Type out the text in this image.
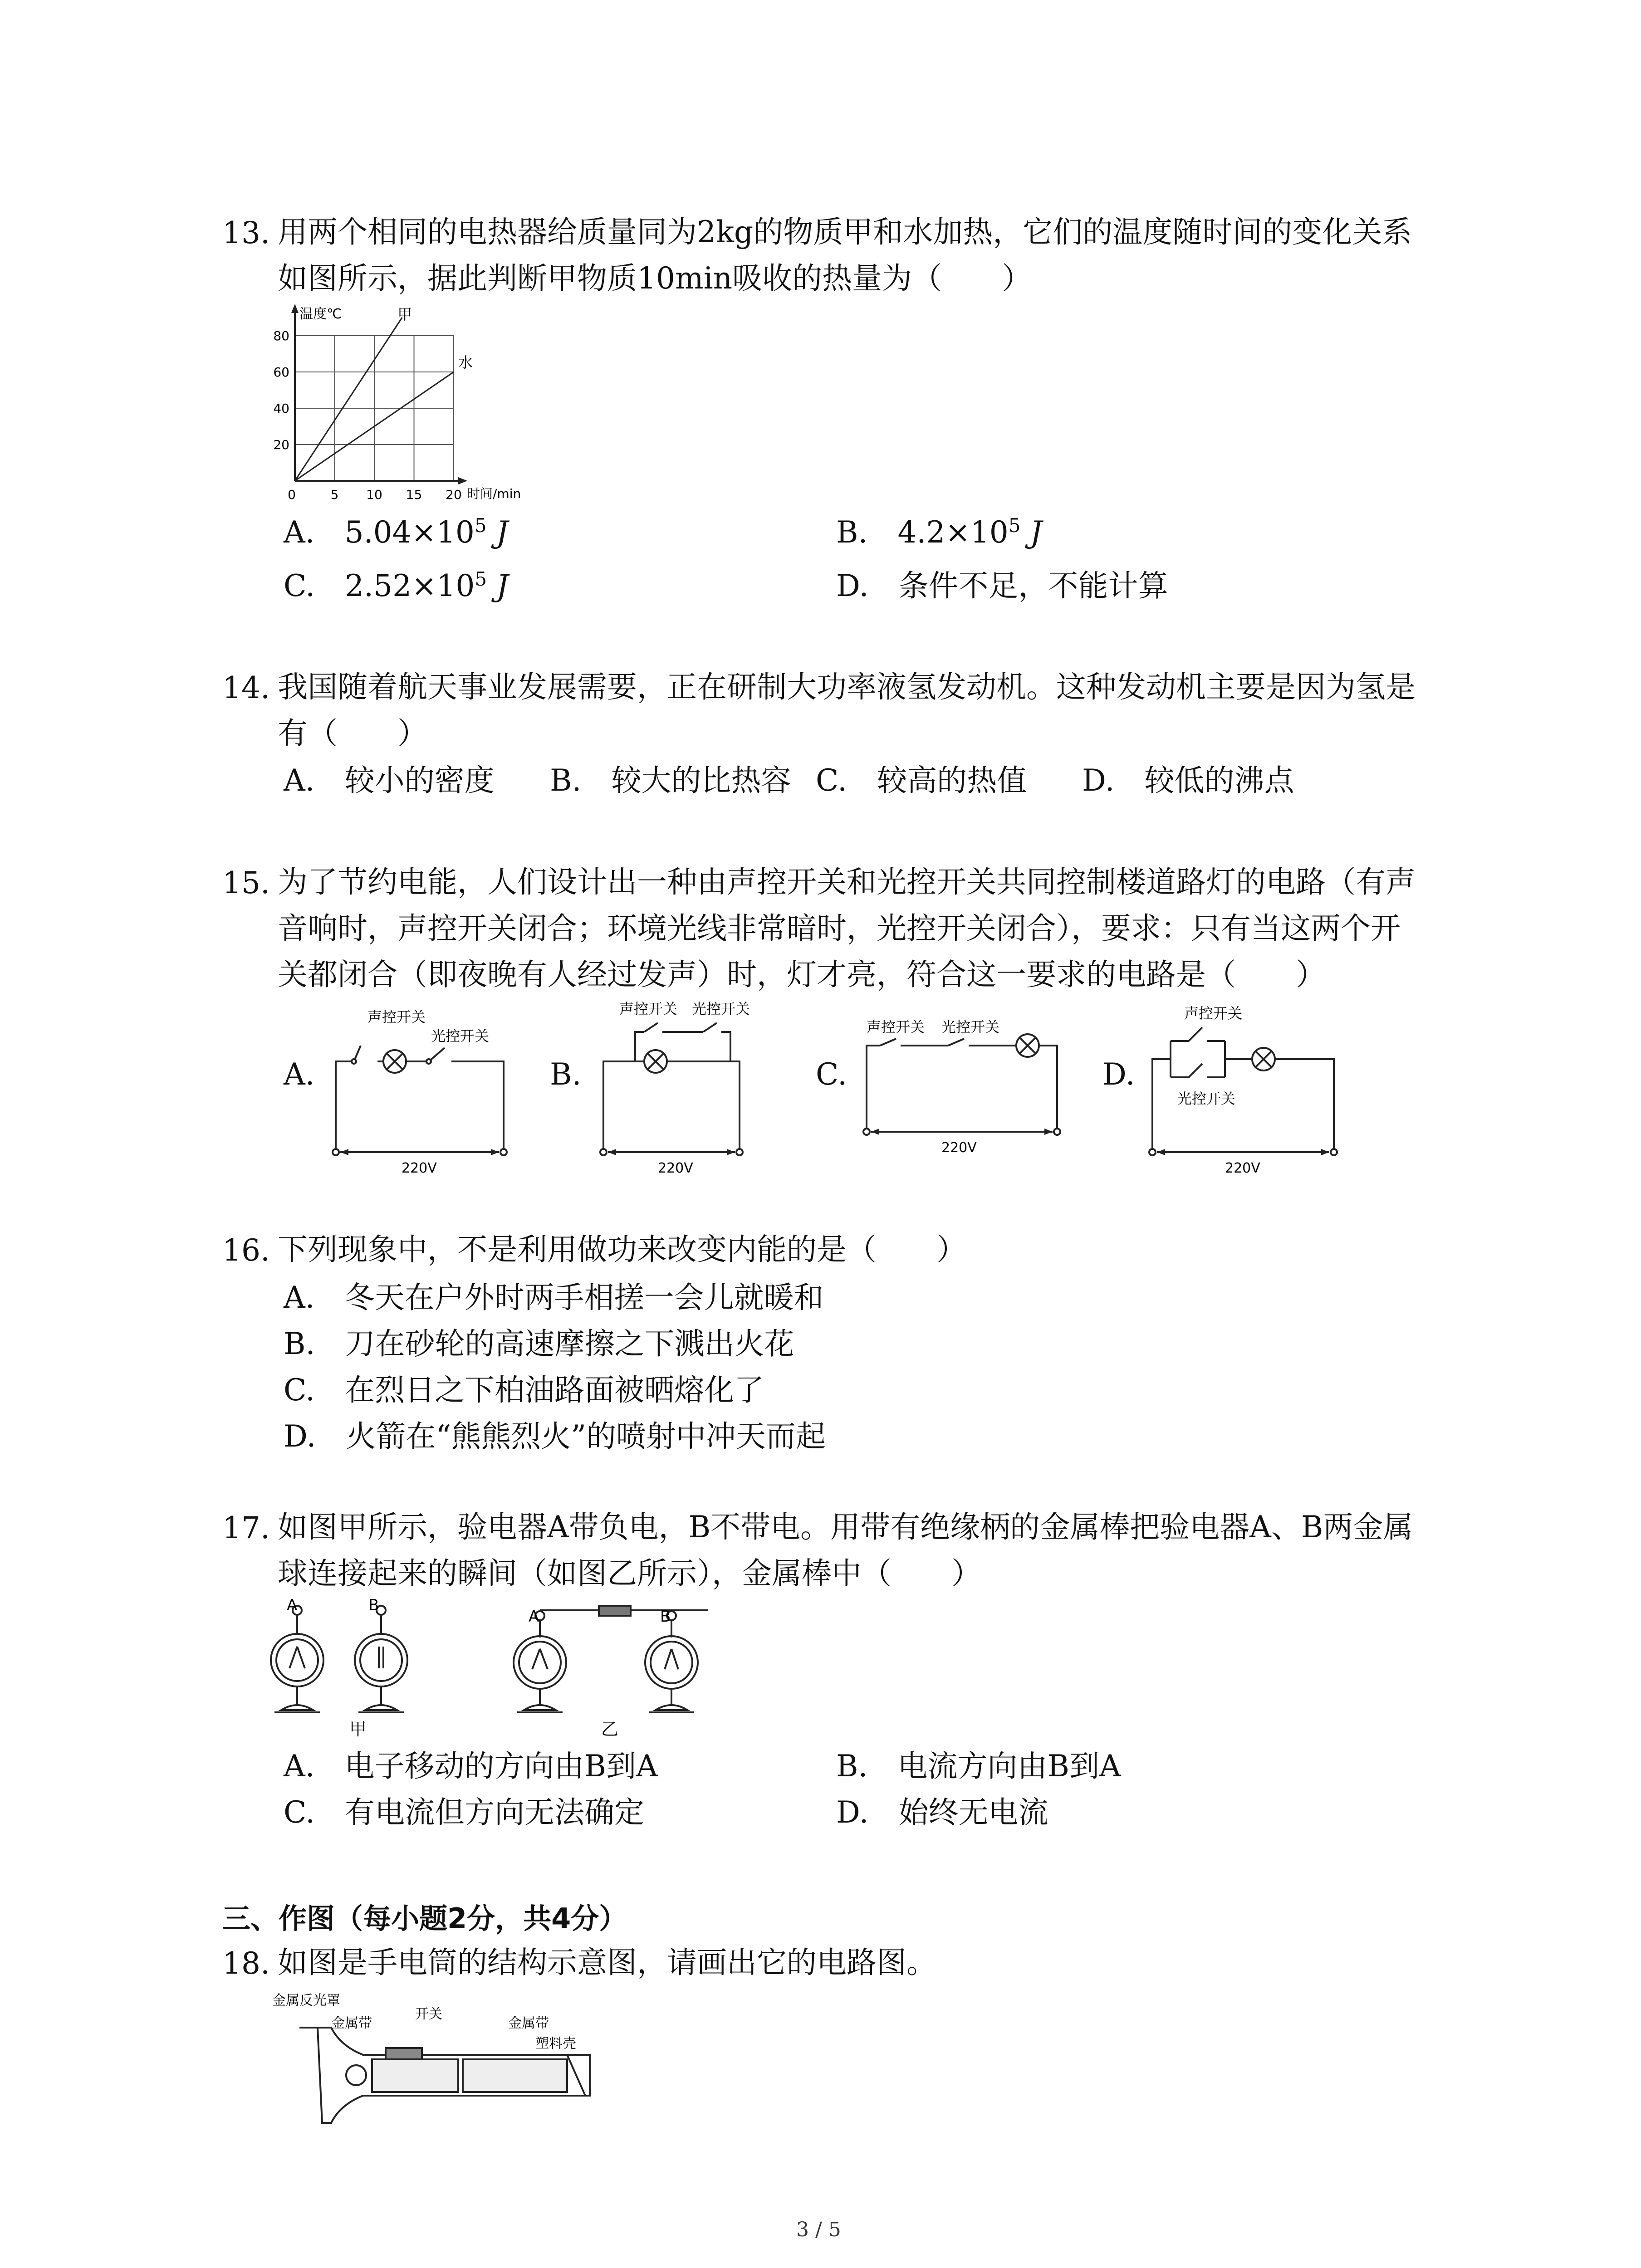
13. 用两个相同的电热器给质量同为2kg的物质甲和水加热，它们的温度随时间的变化关系
如图所示，据此判断甲物质10min吸收的热量为（　　）
0
20
40
60
80
5 10 15 20
温度℃
时间/min
甲
水
A.　$5.04\times 10^5$ J	B.　$4.2\times 10^5$ J
C.　$2.52\times 10^5$ J	D.　条件不足，不能计算
14. 我国随着航天事业发展需要，正在研制大功率液氢发动机。这种发动机主要是因为氢是
有（　　）
A.　较小的密度 B.　较大的比热容 C.　较高的热值 D.　较低的沸点
15. 为了节约电能，人们设计出一种由声控开关和光控开关共同控制楼道路灯的电路（有声
音响时，声控开关闭合；环境光线非常暗时，光控开关闭合），要求：只有当这两个开
关都闭合（即夜晚有人经过发声）时，灯才亮，符合这一要求的电路是（　　）
A.	B.	C.	D.
声控开关
光控开关
220V
声控开关 光控开关
220V
声控开关 光控开关
220V
声控开关
光控开关
220V
16. 下列现象中，不是利用做功来改变内能的是（　　）
A.　冬天在户外时两手相搓一会儿就暖和
B.　刀在砂轮的高速摩擦之下溅出火花
C.　在烈日之下柏油路面被晒熔化了
D.　火箭在“熊熊烈火”的喷射中冲天而起
17. 如图甲所示，验电器A带负电，B不带电。用带有绝缘柄的金属棒把验电器A、B两金属
球连接起来的瞬间（如图乙所示），金属棒中（　　）
A	B
A	B
甲	乙
A.　电子移动的方向由B到A	B.　电流方向由B到A
C.　有电流但方向无法确定	D.　始终无电流
三、作图（每小题2分，共4分）
18. 如图是手电筒的结构示意图，请画出它的电路图。
金属反光罩
金属带
开关
金属带
塑料壳
3 / 5
